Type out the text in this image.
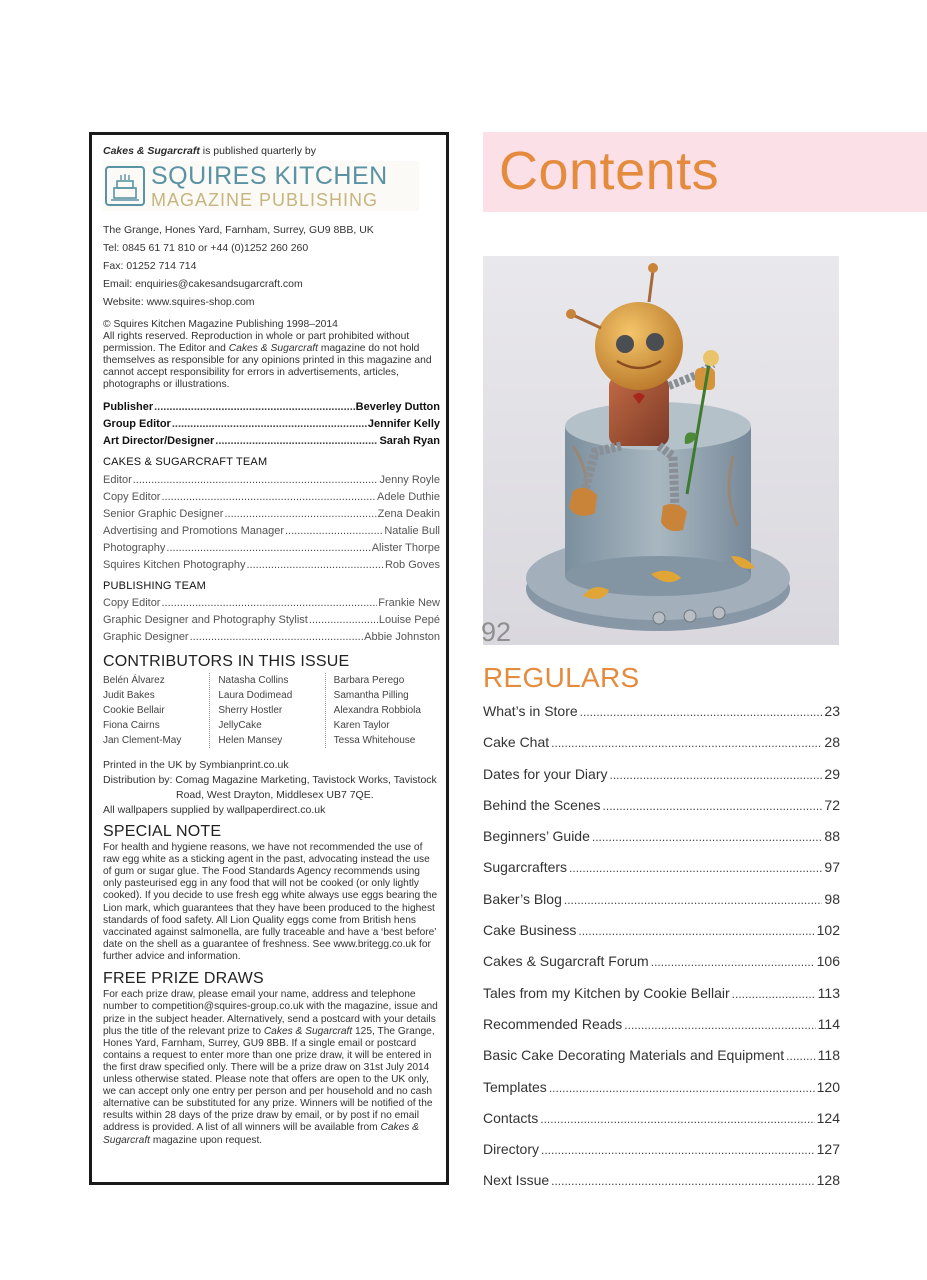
Cakes & Sugarcraft is published quarterly by
SQUIRES KITCHEN
MAGAZINE PUBLISHING
The Grange, Hones Yard, Farnham, Surrey, GU9 8BB, UK
Tel: 0845 61 71 810 or +44 (0)1252 260 260
Fax: 01252 714 714
Email: enquiries@cakesandsugarcraft.com
Website: www.squires-shop.com
© Squires Kitchen Magazine Publishing 1998–2014
All rights reserved. Reproduction in whole or part prohibited without permission. The Editor and Cakes & Sugarcraft magazine do not hold themselves as responsible for any opinions printed in this magazine and cannot accept responsibility for errors in advertisements, articles, photographs or illustrations.
Publisher .....	Beverley Dutton
Group Editor .....	Jennifer Kelly
Art Director/Designer .....	Sarah Ryan
CAKES & SUGARCRAFT TEAM
Editor .....	Jenny Royle
Copy Editor .....	Adele Duthie
Senior Graphic Designer .....	Zena Deakin
Advertising and Promotions Manager .....	Natalie Bull
Photography .....	Alister Thorpe
Squires Kitchen Photography .....	Rob Goves
PUBLISHING TEAM
Copy Editor .....	Frankie New
Graphic Designer and Photography Stylist .....	Louise Pepé
Graphic Designer .....	Abbie Johnston
CONTRIBUTORS IN THIS ISSUE
Belén Álvarez
Judit Bakes
Cookie Bellair
Fiona Cairns
Jan Clement-May
Natasha Collins
Laura Dodimead
Sherry Hostler
JellyCake
Helen Mansey
Barbara Perego
Samantha Pilling
Alexandra Robbiola
Karen Taylor
Tessa Whitehouse
Printed in the UK by Symbianprint.co.uk
Distribution by: Comag Magazine Marketing, Tavistock Works, Tavistock
Road, West Drayton, Middlesex UB7 7QE.
All wallpapers supplied by wallpaperdirect.co.uk
SPECIAL NOTE
For health and hygiene reasons, we have not recommended the use of raw egg white as a sticking agent in the past, advocating instead the use of gum or sugar glue. The Food Standards Agency recommends using only pasteurised egg in any food that will not be cooked (or only lightly cooked). If you decide to use fresh egg white always use eggs bearing the Lion mark, which guarantees that they have been produced to the highest standards of food safety. All Lion Quality eggs come from British hens vaccinated against salmonella, are fully traceable and have a ‘best before’ date on the shell as a guarantee of freshness. See www.britegg.co.uk for further advice and information.
FREE PRIZE DRAWS
For each prize draw, please email your name, address and telephone number to competition@squires-group.co.uk with the magazine, issue and prize in the subject header. Alternatively, send a postcard with your details plus the title of the relevant prize to Cakes & Sugarcraft 125, The Grange, Hones Yard, Farnham, Surrey, GU9 8BB. If a single email or postcard contains a request to enter more than one prize draw, it will be entered in the first draw specified only. There will be a prize draw on 31st July 2014 unless otherwise stated. Please note that offers are open to the UK only, we can accept only one entry per person and per household and no cash alternative can be substituted for any prize. Winners will be notified of the results within 28 days of the prize draw by email, or by post if no email address is provided. A list of all winners will be available from Cakes & Sugarcraft magazine upon request.
Contents
92
REGULARS
What’s in Store .....	23
Cake Chat .....	28
Dates for your Diary .....	29
Behind the Scenes .....	72
Beginners’ Guide .....	88
Sugarcrafters .....	97
Baker’s Blog .....	98
Cake Business .....	102
Cakes & Sugarcraft Forum .....	106
Tales from my Kitchen by Cookie Bellair .....	113
Recommended Reads .....	114
Basic Cake Decorating Materials and Equipment ..... 118
Templates .....	120
Contacts .....	124
Directory .....	127
Next Issue .....	128
